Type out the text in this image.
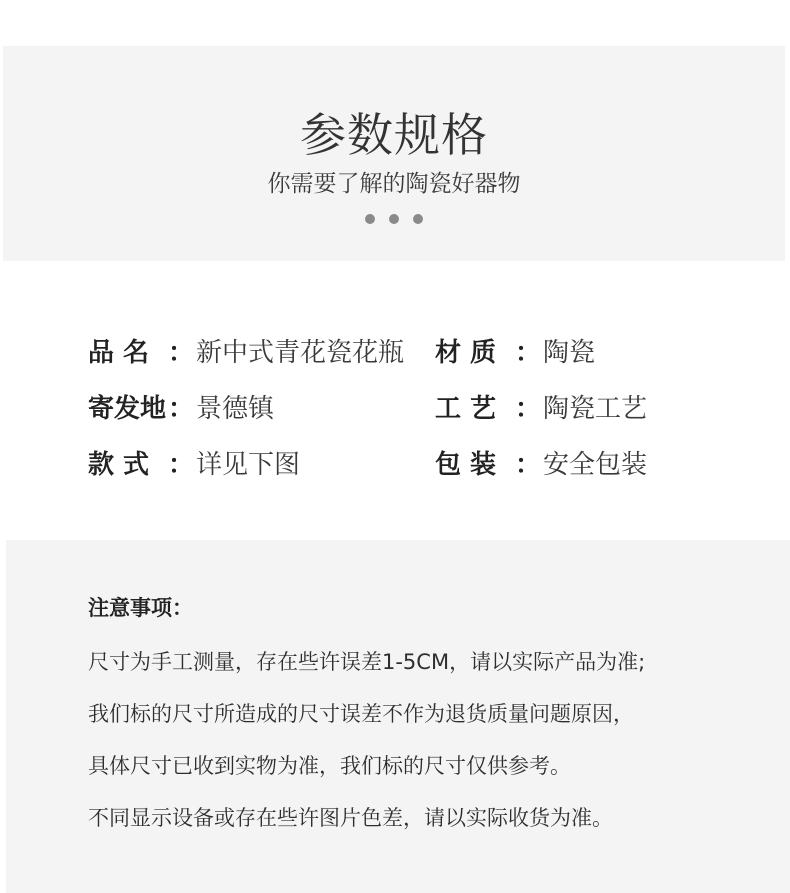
参数规格
你需要了解的陶瓷好器物
品 名 ： 新中式青花瓷花瓶 材 质 ： 陶瓷
寄发地 ： 景德镇	工 艺 ： 陶瓷工艺
款 式 ： 详见下图	包 装 ： 安全包装
注意事项：
尺寸为手工测量，存在些许误差1-5CM，请以实际产品为准;
我们标的尺寸所造成的尺寸误差不作为退货质量问题原因，
具体尺寸已收到实物为准，我们标的尺寸仅供参考。
不同显示设备或存在些许图片色差，请以实际收货为准。
